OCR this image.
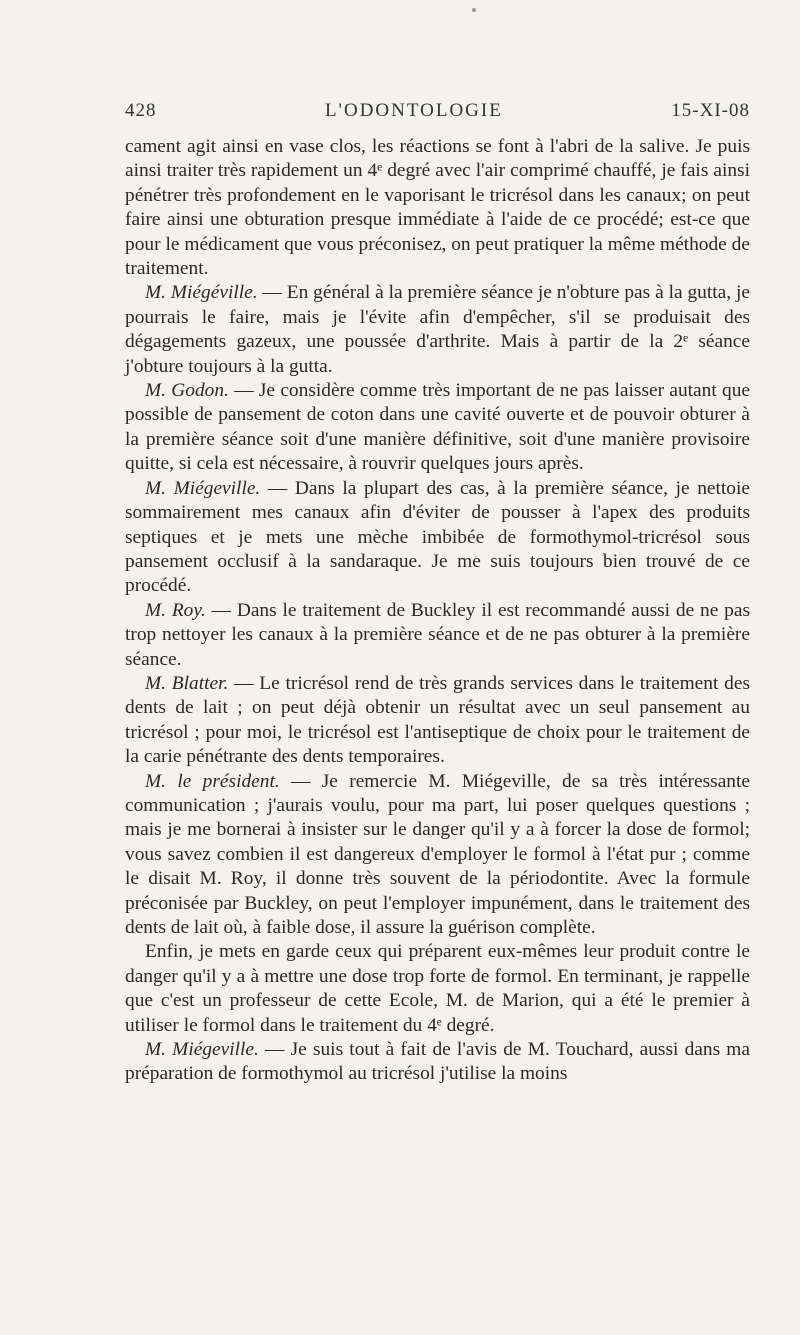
428	L'ODONTOLOGIE	15-XI-08

cament agit ainsi en vase clos, les réactions se font à l'abri de la salive. Je puis ainsi traiter très rapidement un 4ᵉ degré avec l'air comprimé chauffé, je fais ainsi pénétrer très profondement en le vaporisant le tricrésol dans les canaux; on peut faire ainsi une obturation presque immédiate à l'aide de ce procédé; est-ce que pour le médicament que vous préconisez, on peut pratiquer la même méthode de traitement.

M. Miégéville. — En général à la première séance je n'obture pas à la gutta, je pourrais le faire, mais je l'évite afin d'empêcher, s'il se produisait des dégagements gazeux, une poussée d'arthrite. Mais à partir de la 2ᵉ séance j'obture toujours à la gutta.

M. Godon. — Je considère comme très important de ne pas laisser autant que possible de pansement de coton dans une cavité ouverte et de pouvoir obturer à la première séance soit d'une manière définitive, soit d'une manière provisoire quitte, si cela est nécessaire, à rouvrir quelques jours après.

M. Miégeville. — Dans la plupart des cas, à la première séance, je nettoie sommairement mes canaux afin d'éviter de pousser à l'apex des produits septiques et je mets une mèche imbibée de formothymol-tricrésol sous pansement occlusif à la sandaraque. Je me suis toujours bien trouvé de ce procédé.

M. Roy. — Dans le traitement de Buckley il est recommandé aussi de ne pas trop nettoyer les canaux à la première séance et de ne pas obturer à la première séance.

M. Blatter. — Le tricrésol rend de très grands services dans le traitement des dents de lait ; on peut déjà obtenir un résultat avec un seul pansement au tricrésol ; pour moi, le tricrésol est l'antiseptique de choix pour le traitement de la carie pénétrante des dents temporaires.

M. le président. — Je remercie M. Miégeville, de sa très intéressante communication ; j'aurais voulu, pour ma part, lui poser quelques questions ; mais je me bornerai à insister sur le danger qu'il y a à forcer la dose de formol; vous savez combien il est dangereux d'employer le formol à l'état pur ; comme le disait M. Roy, il donne très souvent de la périodontite. Avec la formule préconisée par Buckley, on peut l'employer impunément, dans le traitement des dents de lait où, à faible dose, il assure la guérison complète.

Enfin, je mets en garde ceux qui préparent eux-mêmes leur produit contre le danger qu'il y a à mettre une dose trop forte de formol. En terminant, je rappelle que c'est un professeur de cette Ecole, M. de Marion, qui a été le premier à utiliser le formol dans le traitement du 4ᵉ degré.

M. Miégeville. — Je suis tout à fait de l'avis de M. Touchard, aussi dans ma préparation de formothymol au tricrésol j'utilise la moins
